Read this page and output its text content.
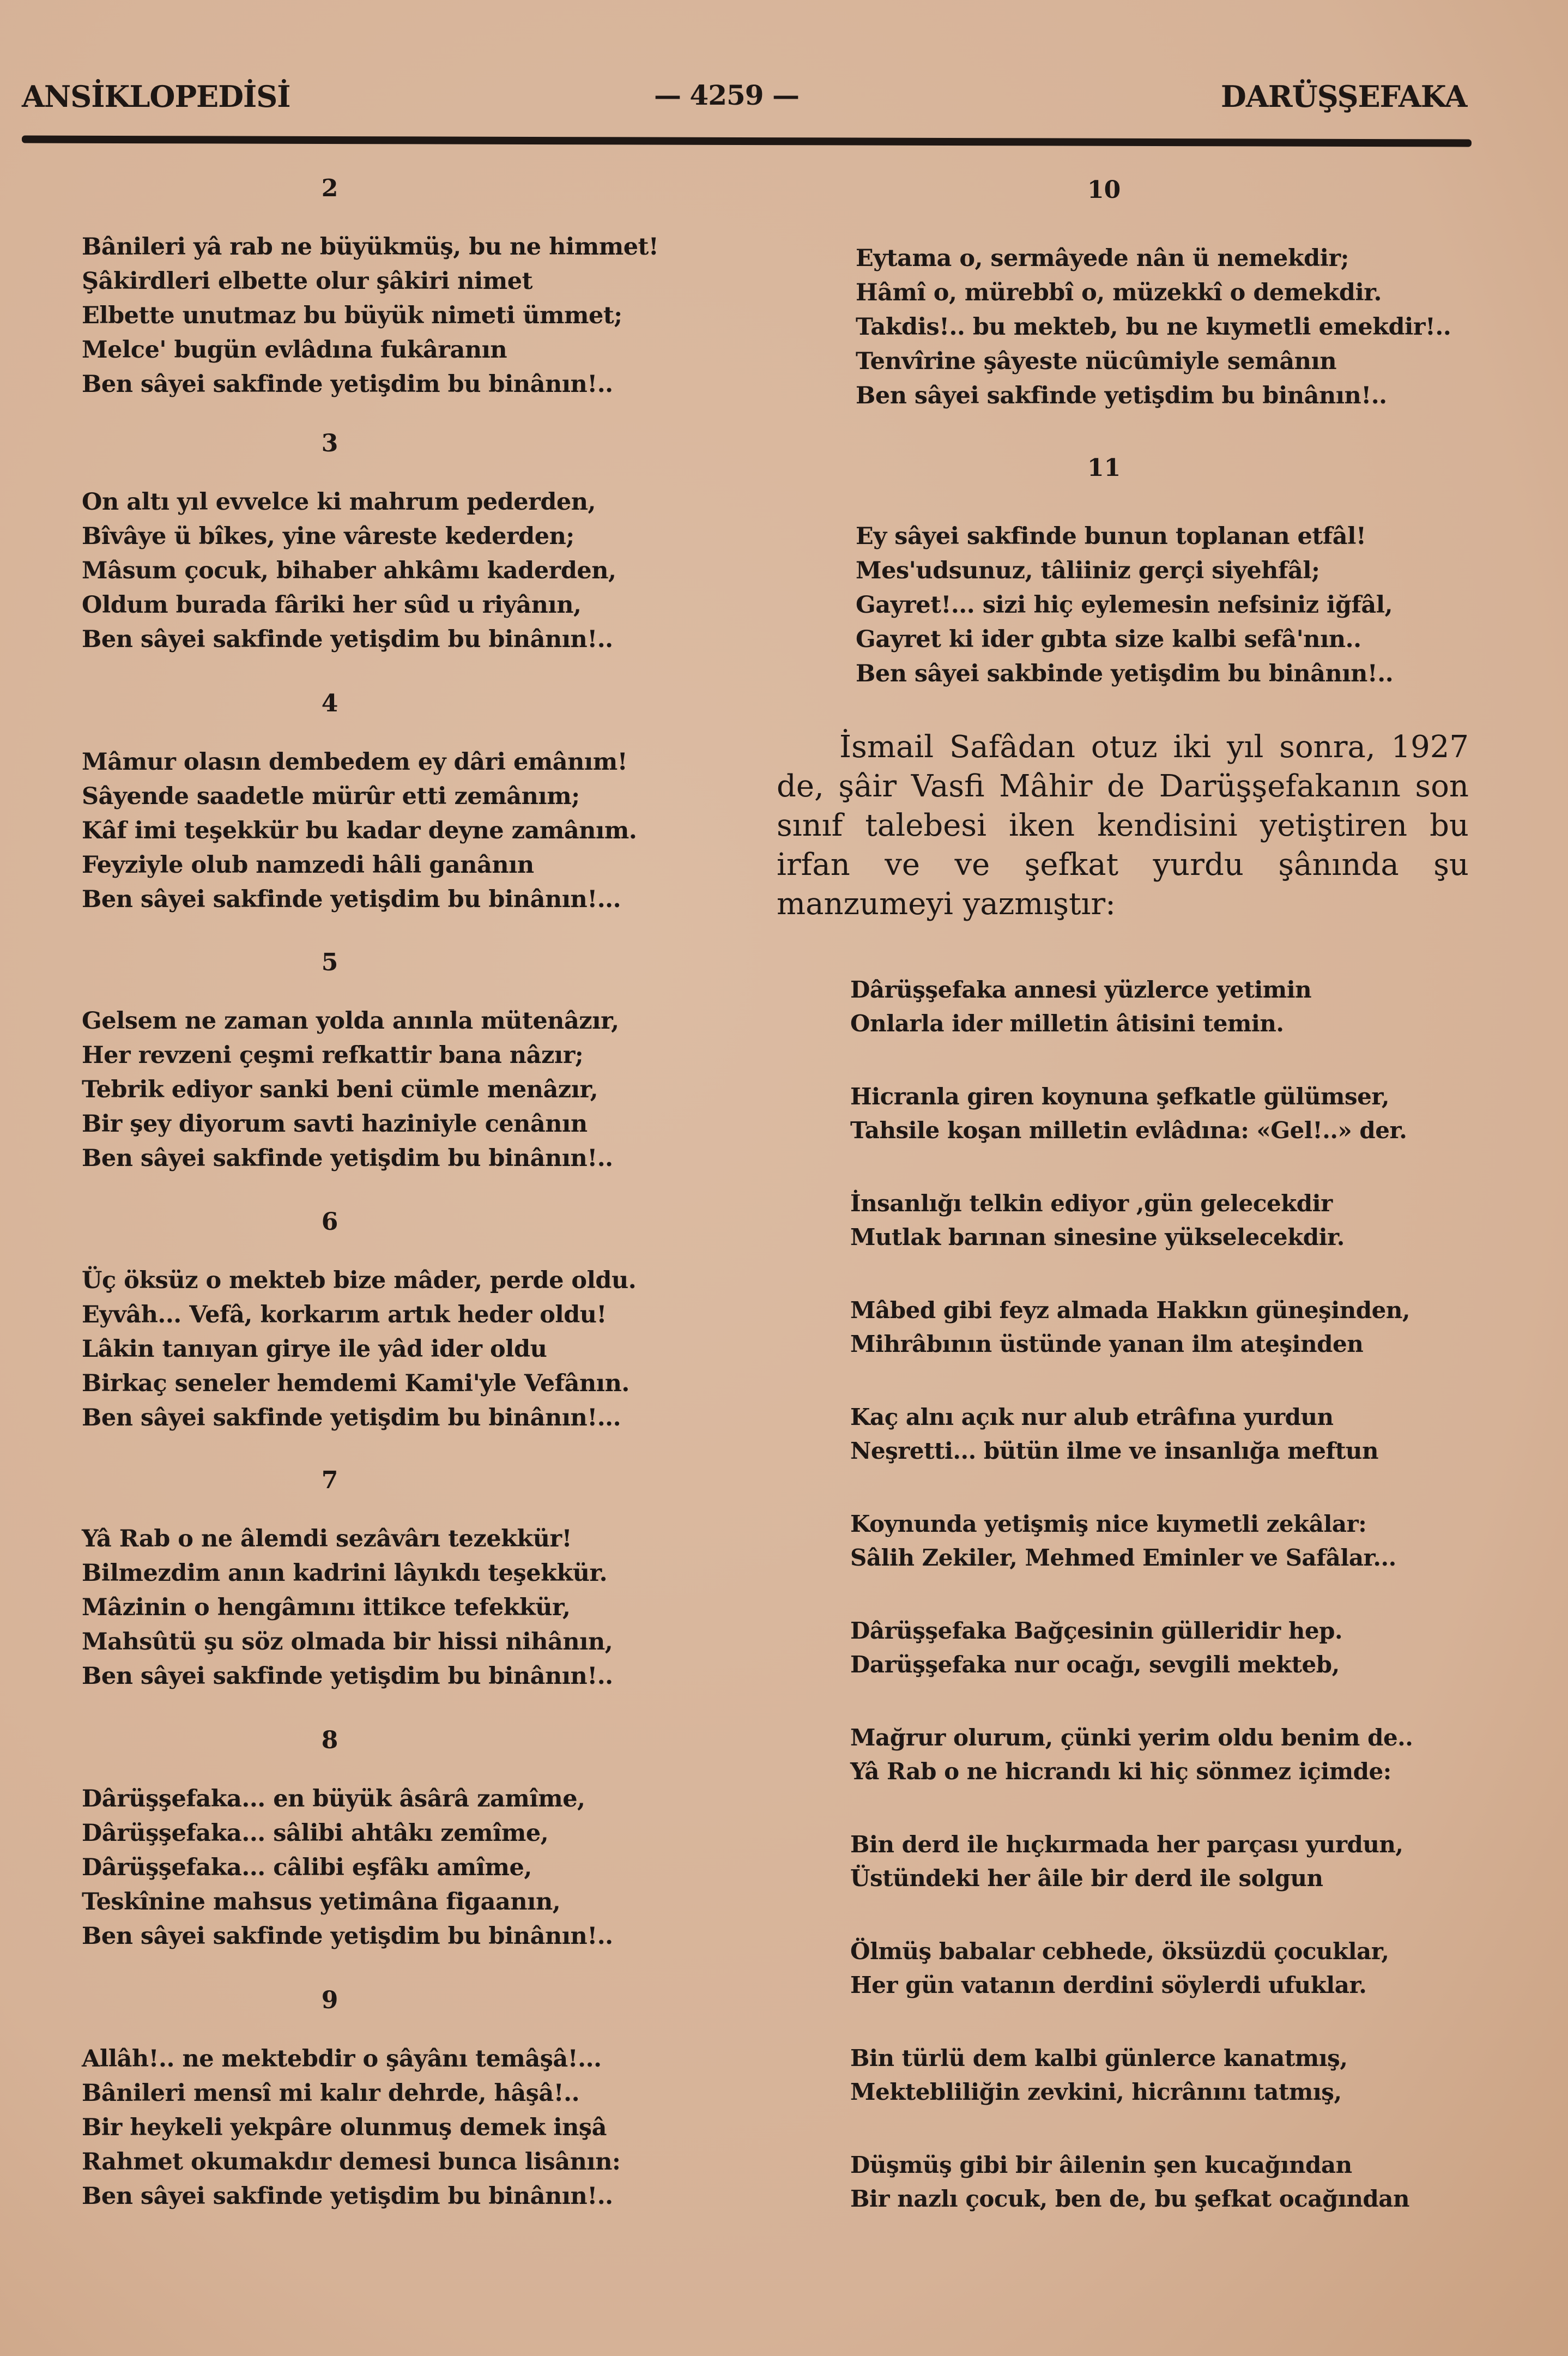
ANSİKLOPEDİSİ	— 4259 —	DARÜŞŞEFAKA
2
Bânileri yâ rab ne büyükmüş, bu ne himmet!
Şâkirdleri elbette olur şâkiri nimet
Elbette unutmaz bu büyük nimeti ümmet;
Melce' bugün evlâdına fukâranın
Ben sâyei sakfinde yetişdim bu binânın!..
3
On altı yıl evvelce ki mahrum pederden,
Bîvâye ü bîkes, yine vâreste kederden;
Mâsum çocuk, bihaber ahkâmı kaderden,
Oldum burada fâriki her sûd u riyânın,
Ben sâyei sakfinde yetişdim bu binânın!..
4
Mâmur olasın dembedem ey dâri emânım!
Sâyende saadetle mürûr etti zemânım;
Kâf imi teşekkür bu kadar deyne zamânım.
Feyziyle olub namzedi hâli ganânın
Ben sâyei sakfinde yetişdim bu binânın!...
5
Gelsem ne zaman yolda anınla mütenâzır,
Her revzeni çeşmi refkattir bana nâzır;
Tebrik ediyor sanki beni cümle menâzır,
Bir şey diyorum savti haziniyle cenânın
Ben sâyei sakfinde yetişdim bu binânın!..
6
Üç öksüz o mekteb bize mâder, perde oldu.
Eyvâh... Vefâ, korkarım artık heder oldu!
Lâkin tanıyan girye ile yâd ider oldu
Birkaç seneler hemdemi Kami'yle Vefânın.
Ben sâyei sakfinde yetişdim bu binânın!...
7
Yâ Rab o ne âlemdi sezâvârı tezekkür!
Bilmezdim anın kadrini lâyıkdı teşekkür.
Mâzinin o hengâmını ittikce tefekkür,
Mahsûtü şu söz olmada bir hissi nihânın,
Ben sâyei sakfinde yetişdim bu binânın!..
8
Dârüşşefaka... en büyük âsârâ zamîme,
Dârüşşefaka... sâlibi ahtâkı zemîme,
Dârüşşefaka... câlibi eşfâkı amîme,
Teskînine mahsus yetimâna figaanın,
Ben sâyei sakfinde yetişdim bu binânın!..
9
Allâh!.. ne mektebdir o şâyânı temâşâ!...
Bânileri mensî mi kalır dehrde, hâşâ!..
Bir heykeli yekpâre olunmuş demek inşâ
Rahmet okumakdır demesi bunca lisânın:
Ben sâyei sakfinde yetişdim bu binânın!..
10
Eytama o, sermâyede nân ü nemekdir;
Hâmî o, mürebbî o, müzekkî o demekdir.
Takdis!.. bu mekteb, bu ne kıymetli emekdir!..
Tenvîrine şâyeste nücûmiyle semânın
Ben sâyei sakfinde yetişdim bu binânın!..
11
Ey sâyei sakfinde bunun toplanan etfâl!
Mes'udsunuz, tâliiniz gerçi siyehfâl;
Gayret!... sizi hiç eylemesin nefsiniz iğfâl,
Gayret ki ider gıbta size kalbi sefâ'nın..
Ben sâyei sakbinde yetişdim bu binânın!..
İsmail Safâdan otuz iki yıl sonra, 1927 de, şâir Vasfi Mâhir de Darüşşefakanın son sınıf talebesi iken kendisini yetiştiren bu irfan ve ve şefkat yurdu şânında şu manzumeyi yazmıştır:
Dârüşşefaka annesi yüzlerce yetimin
Onlarla ider milletin âtisini temin.
Hicranla giren koynuna şefkatle gülümser,
Tahsile koşan milletin evlâdına: «Gel!..» der.
İnsanlığı telkin ediyor ,gün gelecekdir
Mutlak barınan sinesine yükselecekdir.
Mâbed gibi feyz almada Hakkın güneşinden,
Mihrâbının üstünde yanan ilm ateşinden
Kaç alnı açık nur alub etrâfına yurdun
Neşretti... bütün ilme ve insanlığa meftun
Koynunda yetişmiş nice kıymetli zekâlar:
Sâlih Zekiler, Mehmed Eminler ve Safâlar...
Dârüşşefaka Bağçesinin gülleridir hep.
Darüşşefaka nur ocağı, sevgili mekteb,
Mağrur olurum, çünki yerim oldu benim de..
Yâ Rab o ne hicrandı ki hiç sönmez içimde:
Bin derd ile hıçkırmada her parçası yurdun,
Üstündeki her âile bir derd ile solgun
Ölmüş babalar cebhede, öksüzdü çocuklar,
Her gün vatanın derdini söylerdi ufuklar.
Bin türlü dem kalbi günlerce kanatmış,
Mektebliliğin zevkini, hicrânını tatmış,
Düşmüş gibi bir âilenin şen kucağından
Bir nazlı çocuk, ben de, bu şefkat ocağından
